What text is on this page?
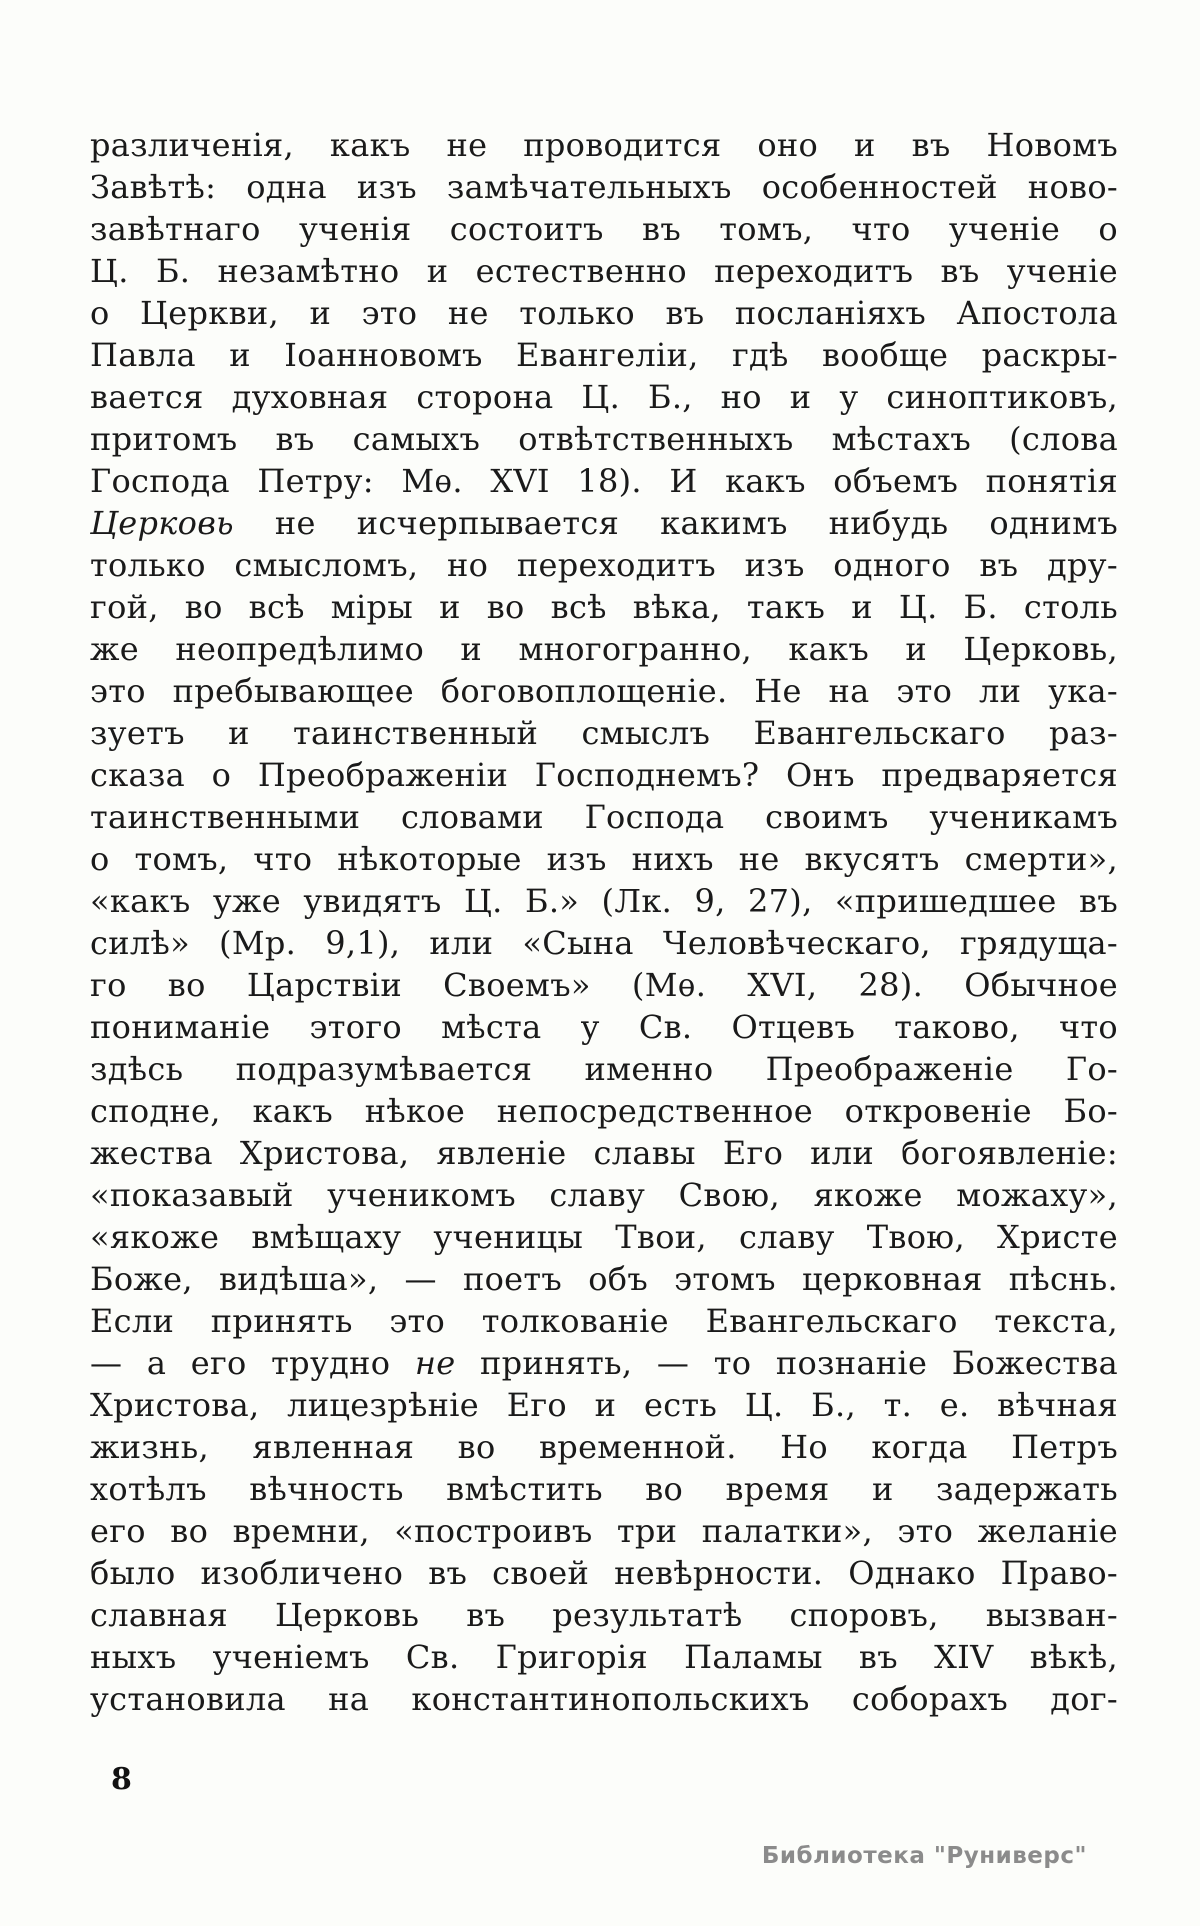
различенія, какъ не проводится оно и въ Новомъ
Завѣтѣ: одна изъ замѣчательныхъ особенностей ново-
завѣтнаго ученія состоитъ въ томъ, что ученіе о
Ц. Б. незамѣтно и естественно переходитъ въ ученіе
о Церкви, и это не только въ посланіяхъ Апостола
Павла и Іоанновомъ Евангеліи, гдѣ вообще раскры-
вается духовная сторона Ц. Б., но и у синоптиковъ,
притомъ въ самыхъ отвѣтственныхъ мѣстахъ (слова
Господа Петру: Мѳ. XVI 18). И какъ объемъ понятія
Церковь не исчерпывается какимъ нибудь однимъ
только смысломъ, но переходитъ изъ одного въ дру-
гой, во всѣ міры и во всѣ вѣка, такъ и Ц. Б. столь
же неопредѣлимо и многогранно, какъ и Церковь,
это пребывающее боговоплощеніе. Не на это ли ука-
зуетъ и таинственный смыслъ Евангельскаго раз-
сказа о Преображеніи Господнемъ? Онъ предваряется
таинственными словами Господа своимъ ученикамъ
о томъ, что нѣкоторые изъ нихъ не вкусятъ смерти»,
«какъ уже увидятъ Ц. Б.» (Лк. 9, 27), «пришедшее въ
силѣ» (Мр. 9,1), или «Сына Человѣческаго, грядуща-
го во Царствіи Своемъ» (Мѳ. XVI, 28). Обычное
пониманіе этого мѣста у Св. Отцевъ таково, что
здѣсь подразумѣвается именно Преображеніе Го-
сподне, какъ нѣкое непосредственное откровеніе Бо-
жества Христова, явленіе славы Его или богоявленіе:
«показавый ученикомъ славу Свою, якоже можаху»,
«якоже вмѣщаху ученицы Твои, славу Твою, Христе
Боже, видѣша», — поетъ объ этомъ церковная пѣснь.
Если принять это толкованіе Евангельскаго текста,
— а его трудно не принять, — то познаніе Божества
Христова, лицезрѣніе Его и есть Ц. Б., т. е. вѣчная
жизнь, явленная во временной. Но когда Петръ
хотѣлъ вѣчность вмѣстить во время и задержать
его во времни, «построивъ три палатки», это желаніе
было изобличено въ своей невѣрности. Однако Право-
славная Церковь въ результатѣ споровъ, вызван-
ныхъ ученіемъ Св. Григорія Паламы въ XIV вѣкѣ,
установила на константинопольскихъ соборахъ дог-
8
Библиотека "Руниверс"
